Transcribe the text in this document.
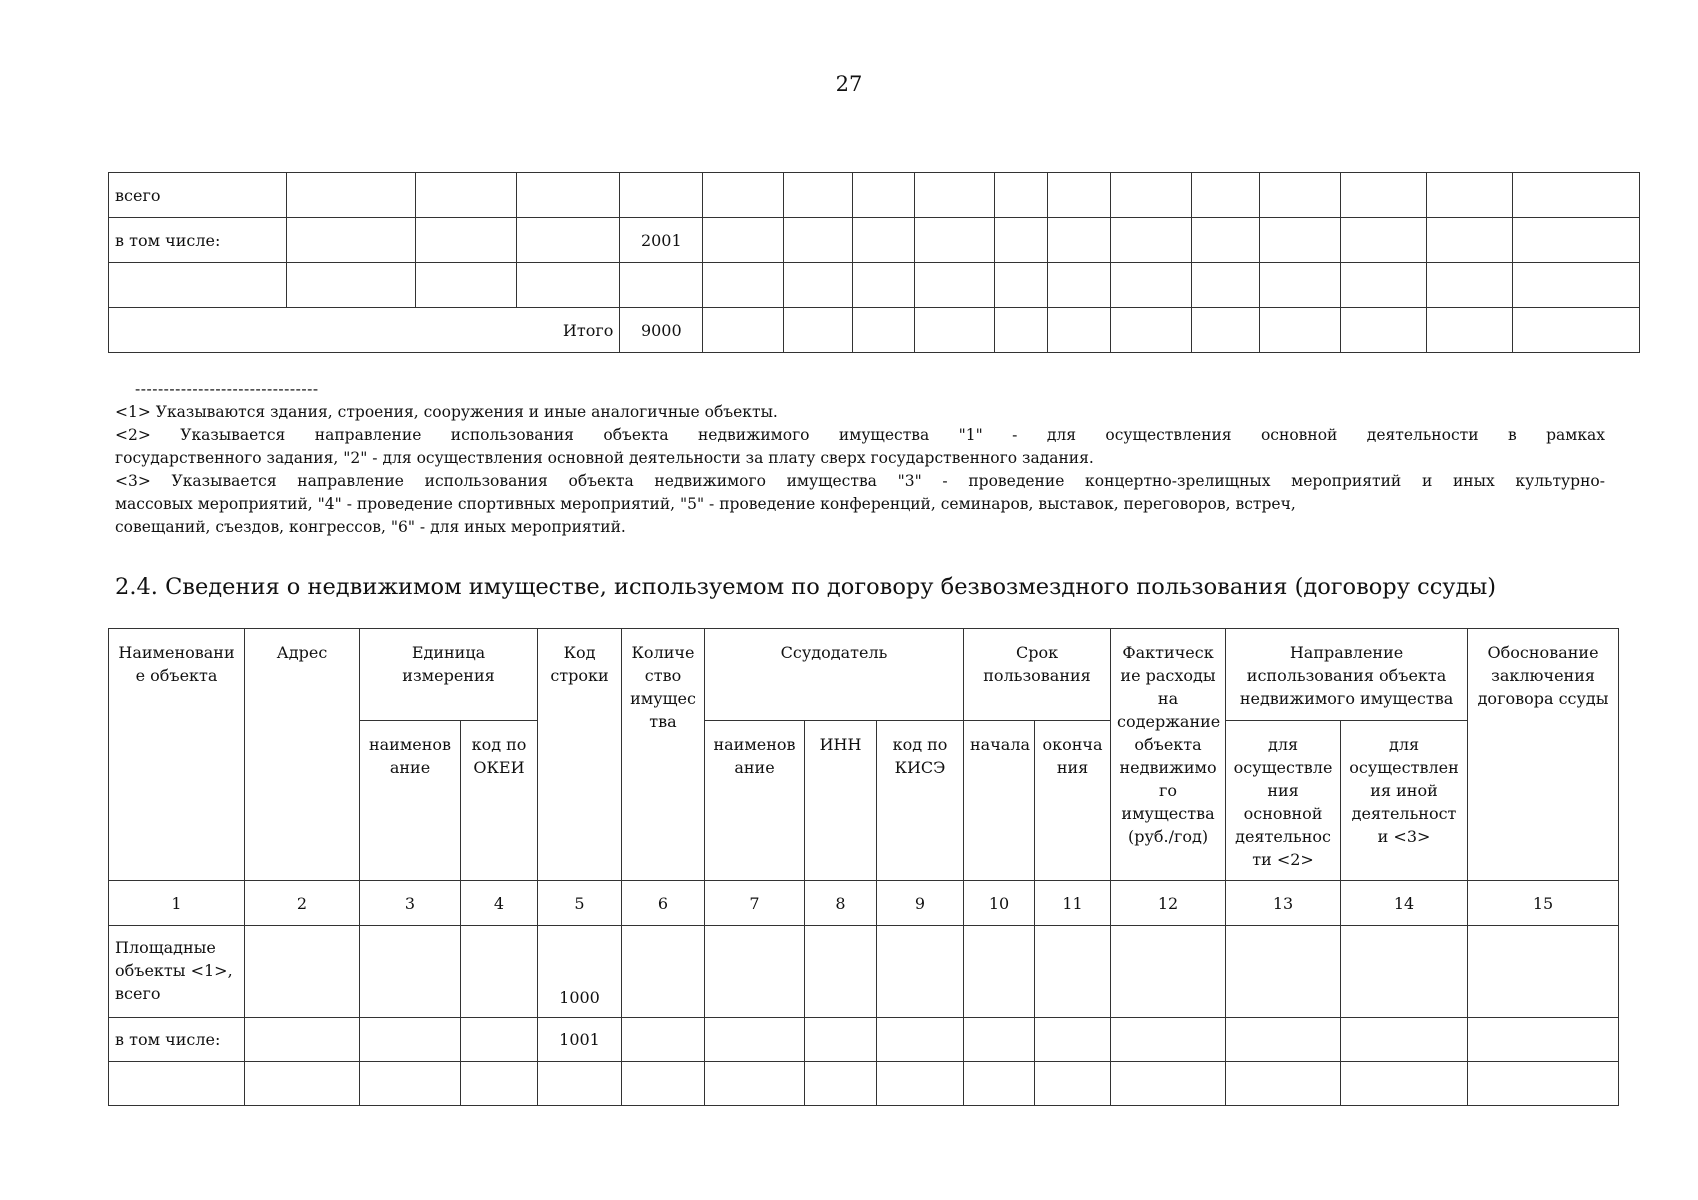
27
всего																
в том числе:				2001												

Итого				9000												
--------------------------------
<1> Указываются здания, строения, сооружения и иные аналогичные объекты.
<2> Указывается направление использования объекта недвижимого имущества "1" - для осуществления основной деятельности в рамках
государственного задания, "2" - для осуществления основной деятельности за плату сверх государственного задания.
<3> Указывается направление использования объекта недвижимого имущества "3" - проведение концертно-зрелищных мероприятий и иных культурно-
массовых мероприятий, "4" - проведение спортивных мероприятий, "5" - проведение конференций, семинаров, выставок, переговоров, встреч,
совещаний, съездов, конгрессов, "6" - для иных мероприятий.
2.4. Сведения о недвижимом имуществе, используемом по договору безвозмездного пользования (договору ссуды)
Наименовани е объекта	Адрес	Единица измерения		Код строки	Количе ство имущес тва	Ссудодатель			Срок пользования		Фактическ ие расходы на содержание объекта недвижимо го имущества (руб./год)	Направление использования объекта недвижимого имущества		Обоснование заключения договора ссуды
		наименов ание	код по ОКЕИ			наименов ание	ИНН	код по КИСЭ	начала	оконча ния		для осуществле ния основной деятельнос ти <2>	для осуществлен ия иной деятельност и <3>	
1	2	3	4	5	6	7	8	9	10	11	12	13	14	15
Площадные объекты <1>, всего				1000										
в том числе:				1001										
